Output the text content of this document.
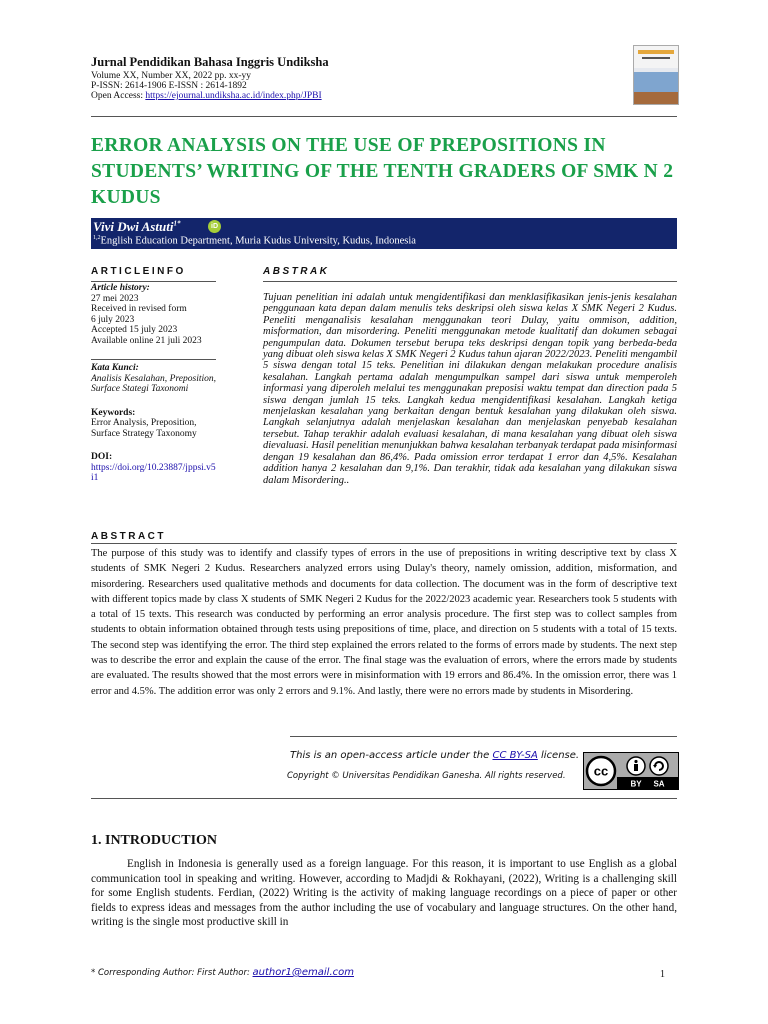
Jurnal Pendidikan Bahasa Inggris Undiksha
Volume XX, Number XX, 2022 pp. xx-yy
P-ISSN: 2614-1906 E-ISSN : 2614-1892
Open Access: https://ejournal.undiksha.ac.id/index.php/JPBI
ERROR ANALYSIS ON THE USE OF PREPOSITIONS IN STUDENTS’ WRITING OF THE TENTH GRADERS OF SMK N 2 KUDUS
Vivi Dwi Astuti$^{1*}$	iD
$^{1,2}$English Education Department, Muria Kudus University, Kudus, Indonesia
ARTICLEINFO	ABSTRAK
Article history:
27 mei 2023
Received in revised form
6 july 2023
Accepted 15 july 2023
Available online 21 juli 2023
Kata Kunci:
Analisis Kesalahan, Preposition, Surface Stategi Taxonomi
Keywords:
Error Analysis, Preposition, Surface Strategy Taxonomy
DOI:
https://doi.org/10.23887/jppsi.v5i1
Tujuan penelitian ini adalah untuk mengidentifikasi dan menklasifikasikan jenis-jenis kesalahan penggunaan kata depan dalam menulis teks deskripsi oleh siswa kelas X SMK Negeri 2 Kudus. Peneliti menganalisis kesalahan menggunakan teori Dulay, yaitu ommison, addition, misformation, dan misordering. Peneliti menggunakan metode kualitatif dan dokumen sebagai pengumpulan data. Dokumen tersebut berupa teks deskripsi dengan topik yang berbeda-beda yang dibuat oleh siswa kelas X SMK Negeri 2 Kudus tahun ajaran 2022/2023. Peneliti mengambil 5 siswa dengan total 15 teks. Penelitian ini dilakukan dengan melakukan procedure analisis kesalahan. Langkah pertama adalah mengumpulkan sampel dari siswa untuk memperoleh informasi yang diperoleh melalui tes menggunakan preposisi waktu tempat dan direction pada 5 siswa dengan jumlah 15 teks. Langkah kedua mengidentifikasi kesalahan. Langkah ketiga menjelaskan kesalahan yang berkaitan dengan bentuk kesalahan yang dilakukan oleh siswa. Langkah selanjutnya adalah menjelaskan kesalahan dan menjelaskan penyebab kesalahan tersebut. Tahap terakhir adalah evaluasi kesalahan, di mana kesalahan yang dibuat oleh siswa dievaluasi. Hasil penelitian menunjukkan bahwa kesalahan terbanyak terdapat pada misinformasi dengan 19 kesalahan dan 86,4%. Pada omission error terdapat 1 error dan 4,5%. Kesalahan addition hanya 2 kesalahan dan 9,1%. Dan terakhir, tidak ada kesalahan yang dilakukan siswa dalam Misordering..
ABSTRACT
The purpose of this study was to identify and classify types of errors in the use of prepositions in writing descriptive text by class X students of SMK Negeri 2 Kudus. Researchers analyzed errors using Dulay's theory, namely omission, addition, misformation, and misordering. Researchers used qualitative methods and documents for data collection. The document was in the form of descriptive text with different topics made by class X students of SMK Negeri 2 Kudus for the 2022/2023 academic year. Researchers took 5 students with a total of 15 texts. This research was conducted by performing an error analysis procedure. The first step was to collect samples from students to obtain information obtained through tests using prepositions of time, place, and direction on 5 students with a total of 15 texts. The second step was identifying the error. The third step explained the errors related to the forms of errors made by students. The next step was to describe the error and explain the cause of the error. The final stage was the evaluation of errors, where the errors made by students are evaluated. The results showed that the most errors were in misinformation with 19 errors and 86.4%. In the omission error, there was 1 error and 4.5%. The addition error was only 2 errors and 9.1%. And lastly, there were no errors made by students in Misordering.
This is an open-access article under the CC BY-SA license.
Copyright © Universitas Pendidikan Ganesha. All rights reserved. cc
BY SA
1. INTRODUCTION
English in Indonesia is generally used as a foreign language. For this reason, it is important to use English as a global communication tool in speaking and writing. However, according to Madjdi & Rokhayani, (2022), Writing is a challenging skill for some English students. Ferdian, (2022) Writing is the activity of making language recordings on a piece of paper or other fields to express ideas and messages from the author including the use of vocabulary and language structures. On the other hand, writing is the single most productive skill in
* Corresponding Author: First Author: author1@email.com	1
